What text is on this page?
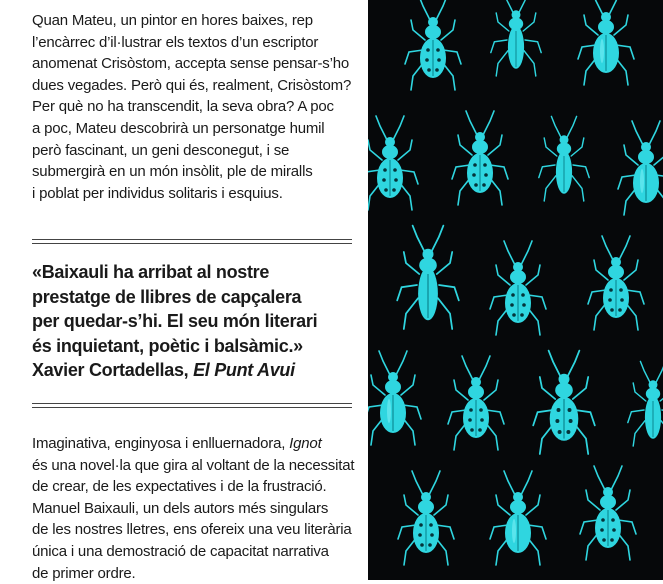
Quan Mateu, un pintor en hores baixes, rep
l’encàrrec d’il·lustrar els textos d’un escriptor
anomenat Crisòstom, accepta sense pensar-s’ho
dues vegades. Però qui és, realment, Crisòstom?
Per què no ha transcendit, la seva obra? A poc
a poc, Mateu descobrirà un personatge humil
però fascinant, un geni desconegut, i se
submergirà en un món insòlit, ple de miralls
i poblat per individus solitaris i esquius.

«Baixauli ha arribat al nostre
prestatge de llibres de capçalera
per quedar-s’hi. El seu món literari
és inquietant, poètic i balsàmic.»
Xavier Cortadellas, El Punt Avui

Imaginativa, enginyosa i enlluernadora, Ignot
és una novel·la que gira al voltant de la necessitat
de crear, de les expectatives i de la frustració.
Manuel Baixauli, un dels autors més singulars
de les nostres lletres, ens ofereix una veu literària
única i una demostració de capacitat narrativa
de primer ordre.
